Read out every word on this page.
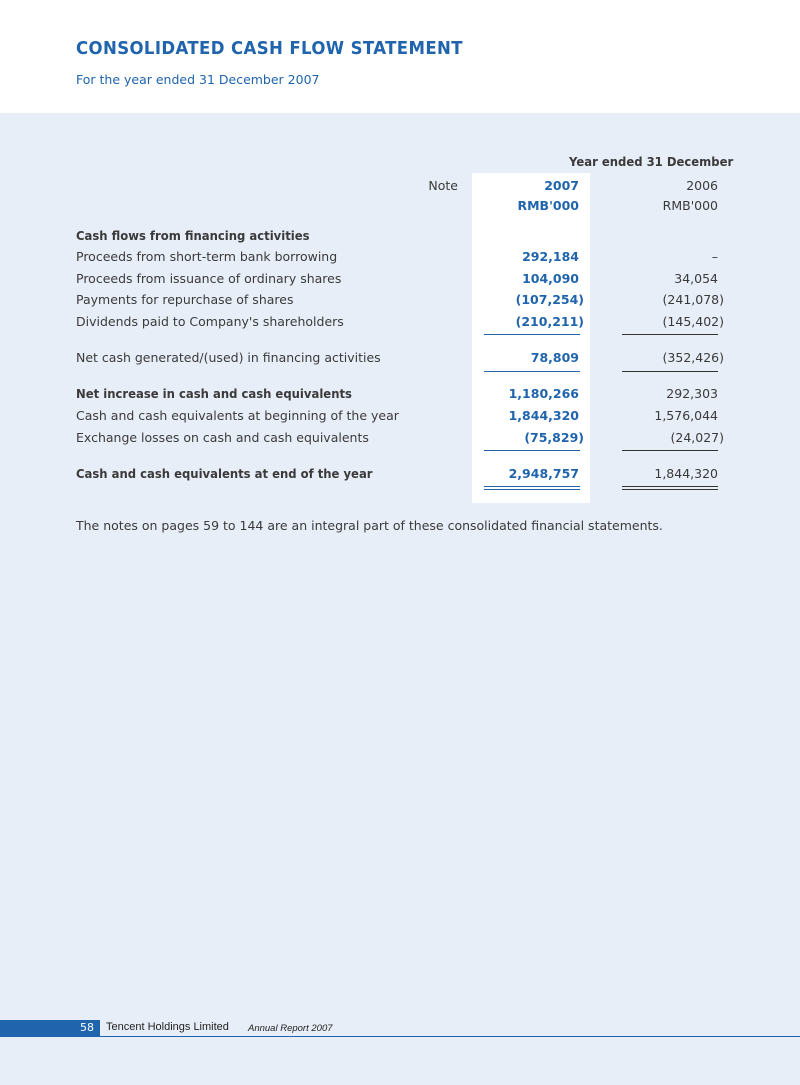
CONSOLIDATED CASH FLOW STATEMENT
For the year ended 31 December 2007
Year ended 31 December
Note	2007	2006
RMB'000	RMB'000
Cash flows from financing activities
Proceeds from short-term bank borrowing	292,184	–
Proceeds from issuance of ordinary shares	104,090	34,054
Payments for repurchase of shares	(107,254)	(241,078)
Dividends paid to Company's shareholders	(210,211)	(145,402)
Net cash generated/(used) in financing activities	78,809	(352,426)
Net increase in cash and cash equivalents	1,180,266	292,303
Cash and cash equivalents at beginning of the year	1,844,320	1,576,044
Exchange losses on cash and cash equivalents	(75,829)	(24,027)
Cash and cash equivalents at end of the year	2,948,757	1,844,320
The notes on pages 59 to 144 are an integral part of these consolidated financial statements.
58 Tencent Holdings Limited Annual Report 2007
